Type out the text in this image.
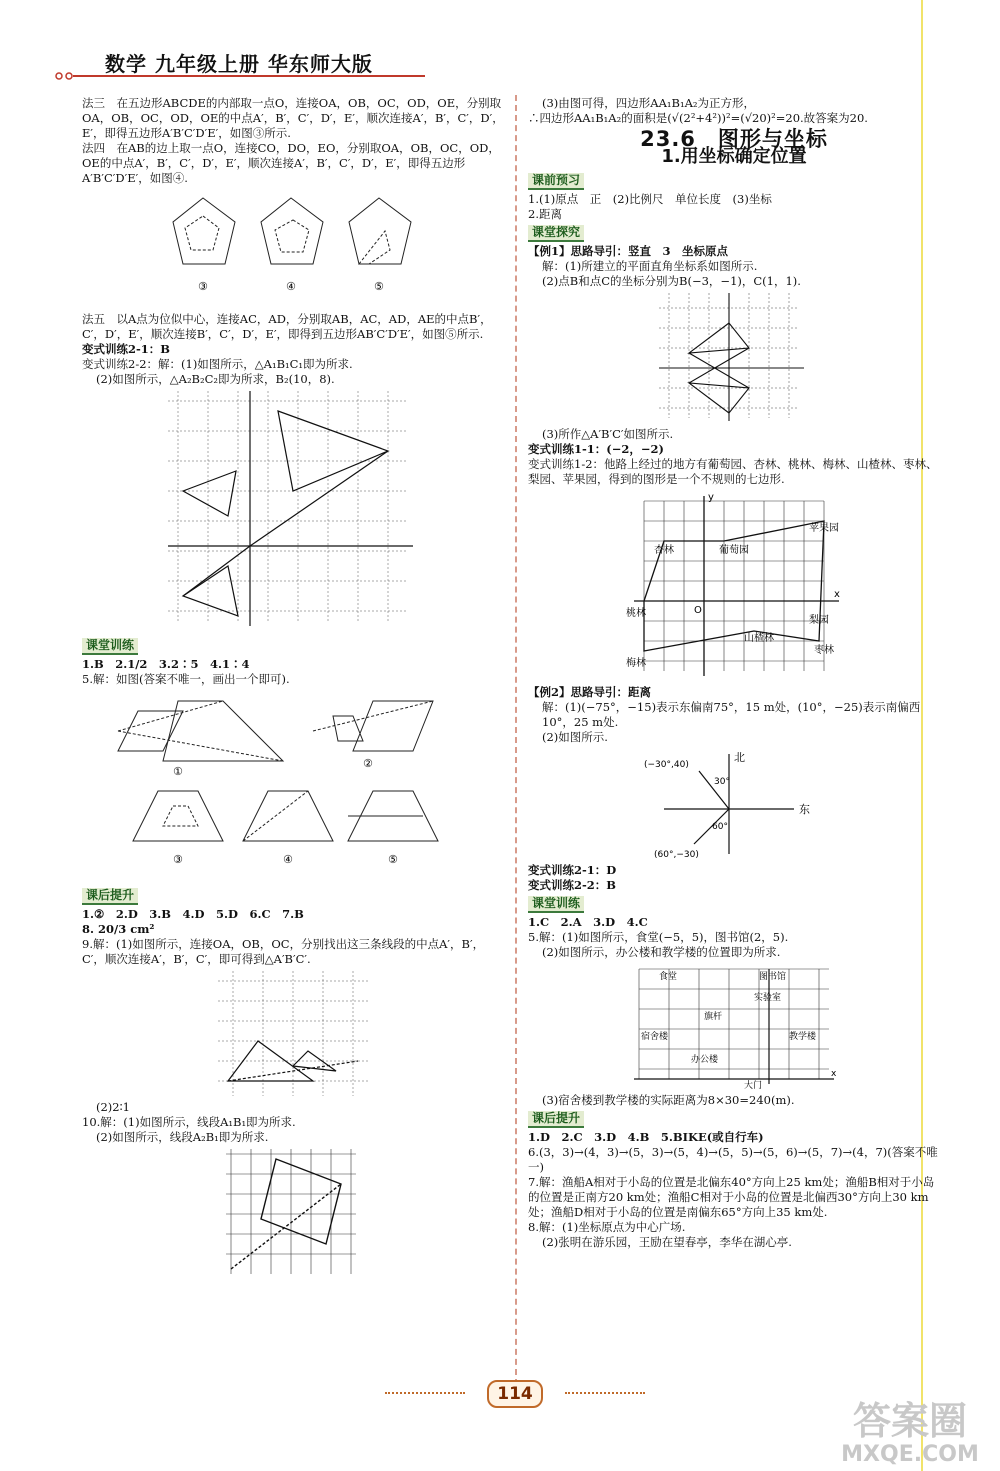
数学 九年级上册 华东师大版

法三　在五边形ABCDE的内部取一点O，连接OA，OB，OC，OD，OE，分别取OA，OB，OC，OD，OE的中点A′，B′，C′，D′，E′，顺次连接A′，B′，C′，D′，E′，即得五边形A′B′C′D′E′，如图③所示.

法四　在AB的边上取一点O，连接CO，DO，EO，分别取OA，OB，OC，OD，OE的中点A′，B′，C′，D′，E′，顺次连接A′，B′，C′，D′，E′，即得五边形A′B′C′D′E′，如图④.

③	④	⑤

法五　以A点为位似中心，连接AC，AD，分别取AB，AC，AD，AE的中点B′，C′，D′，E′，顺次连接B′，C′，D′，E′，即得到五边形AB′C′D′E′，如图⑤所示.

变式训练2-1：B

变式训练2-2：解：(1)如图所示，△A₁B₁C₁即为所求.

(2)如图所示，△A₂B₂C₂即为所求，B₂(10，8).

课堂训练

1.B　2.1/2　3.2∶5　4.1∶4

5.解：如图(答案不唯一，画出一个即可).

①
②
③	④	⑤
课后提升

1.②　2.D　3.B　4.D　5.D　6.C　7.B

8. 20/3 cm²

9.解：(1)如图所示，连接OA，OB，OC，分别找出这三条线段的中点A′，B′，C′，顺次连接A′，B′，C′，即可得到△A′B′C′.

(2)2∶1

10.解：(1)如图所示，线段A₁B₁即为所求.

(2)如图所示，线段A₂B₁即为所求.

(3)由图可得，四边形AA₁B₁A₂为正方形，

∴四边形AA₁B₁A₂的面积是(√(2²+4²))²=(√20)²=20.故答案为20.

23.6　图形与坐标
1.用坐标确定位置
课前预习

1.(1)原点　正　(2)比例尺　单位长度　(3)坐标

2.距离

课堂探究

【例1】思路导引：竖直　3　坐标原点

解：(1)所建立的平面直角坐标系如图所示.

(2)点B和点C的坐标分别为B(−3，−1)，C(1，1).

(3)所作△A′B′C′如图所示.

变式训练1-1：(−2，−2)

变式训练1-2：他路上经过的地方有葡萄园、杏林、桃林、梅林、山楂林、枣林、梨园、苹果园，得到的图形是一个不规则的七边形.

杏林	葡萄园
苹果园
桃林
梨园
山楂林
梅林
枣林
O
x
y

【例2】思路导引：距离

解：(1)(−75°，−15)表示东偏南75°，15 m处，(10°，−25)表示南偏西10°，25 m处.

(2)如图所示.

北
东
(−30°,40)
(60°,−30)
30°
60°

变式训练2-1：D

变式训练2-2：B

课堂训练

1.C　2.A　3.D　4.C

5.解：(1)如图所示，食堂(−5，5)，图书馆(2，5).

(2)如图所示，办公楼和教学楼的位置即为所求.

食堂	图书馆
实验室
旗杆
宿舍楼	教学楼
办公楼
大门
x

(3)宿舍楼到教学楼的实际距离为8×30=240(m).

课后提升

1.D　2.C　3.D　4.B　5.BIKE(或自行车)

6.(3，3)→(4，3)→(5，3)→(5，4)→(5，5)→(5，6)→(5，7)→(4，7)(答案不唯一)

7.解：渔船A相对于小岛的位置是北偏东40°方向上25 km处；渔船B相对于小岛的位置是正南方20 km处；渔船C相对于小岛的位置是北偏西30°方向上30 km处；渔船D相对于小岛的位置是南偏东65°方向上35 km处.

8.解：(1)坐标原点为中心广场.

(2)张明在游乐园，王励在望春亭，李华在湖心亭.

114
答案圈
MXQE.COM
